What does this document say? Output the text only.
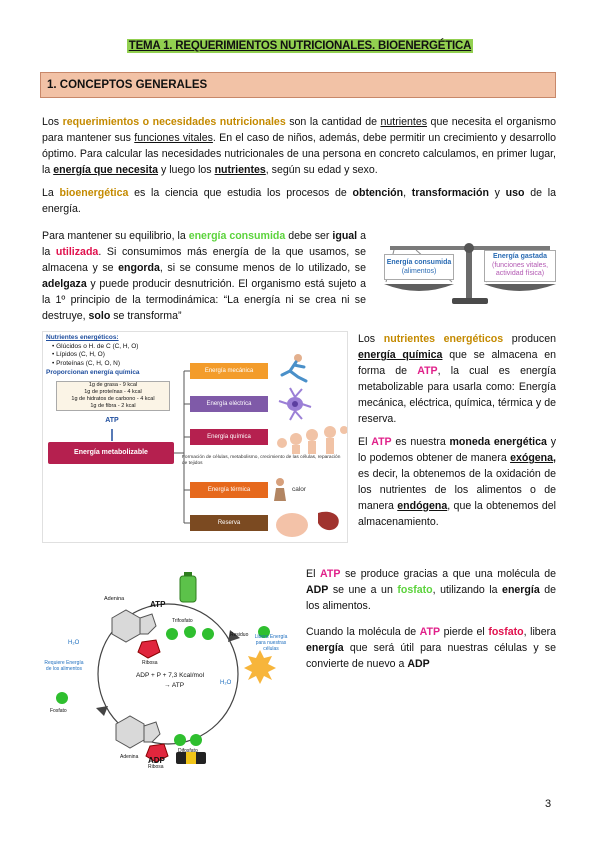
TEMA 1. REQUERIMIENTOS NUTRICIONALES. BIOENERGÉTICA
1. CONCEPTOS GENERALES
Los requerimientos o necesidades nutricionales son la cantidad de nutrientes que necesita el organismo para mantener sus funciones vitales. En el caso de niños, además, debe permitir un crecimiento y desarrollo óptimo. Para calcular las necesidades nutricionales de una persona en concreto calculamos, en primer lugar, la energía que necesita y luego los nutrientes, según su edad y sexo.
La bioenergética es la ciencia que estudia los procesos de obtención, transformación y uso de la energía.
Para mantener su equilibrio, la energía consumida debe ser igual a la utilizada. Si consumimos más energía de la que usamos, se almacena y se engorda, si se consume menos de lo utilizado, se adelgaza y puede producir desnutrición. El organismo está sujeto a la 1º principio de la termodinámica: “La energía ni se crea ni se destruye, solo se transforma”
Energía consumida
(alimentos)
Energía gastada
(funciones vitales, actividad física)
Nutrientes energéticos:
• Glúcidos o H. de C (C, H, O)
• Lípidos (C, H, O)
• Proteínas (C, H, O, N)
Proporcionan energía química
1g de grasa - 9 kcal
1g de proteínas - 4 kcal
1g de hidratos de carbono - 4 kcal
1g de fibra - 2 kcal
ATP
Energía metabolizable
Energía mecánica
Energía eléctrica
Energía química
Energía térmica
Reserva
Formación de células, metabolismo, crecimiento de las células, reparación de tejidos
calor
Los nutrientes energéticos producen energía química que se almacena en forma de ATP, la cual es energía metabolizable para usarla como: Energía mecánica, eléctrica, química, térmica y de reserva.
El ATP es nuestra moneda energética y lo podemos obtener de manera exógena, es decir, la obtenemos de la oxidación de los nutrientes de los alimentos o de manera endógena, que la obtenemos del almacenamiento.
Adenina
ATP
Trifosfato
Ribosa
H₂O
H₂O
Requiere Energía de los alimentos
Libera Energía para nuestras células
Residuo
ADP + P + 7,3 Kcal/mol
→ ATP
Fosfato
Adenina
Ribosa
Difosfato
ADP
El ATP se produce gracias a que una molécula de ADP se une a un fosfato, utilizando la energía de los alimentos.
Cuando la molécula de ATP pierde el fosfato, libera energía que será útil para nuestras células y se convierte de nuevo a ADP
3
